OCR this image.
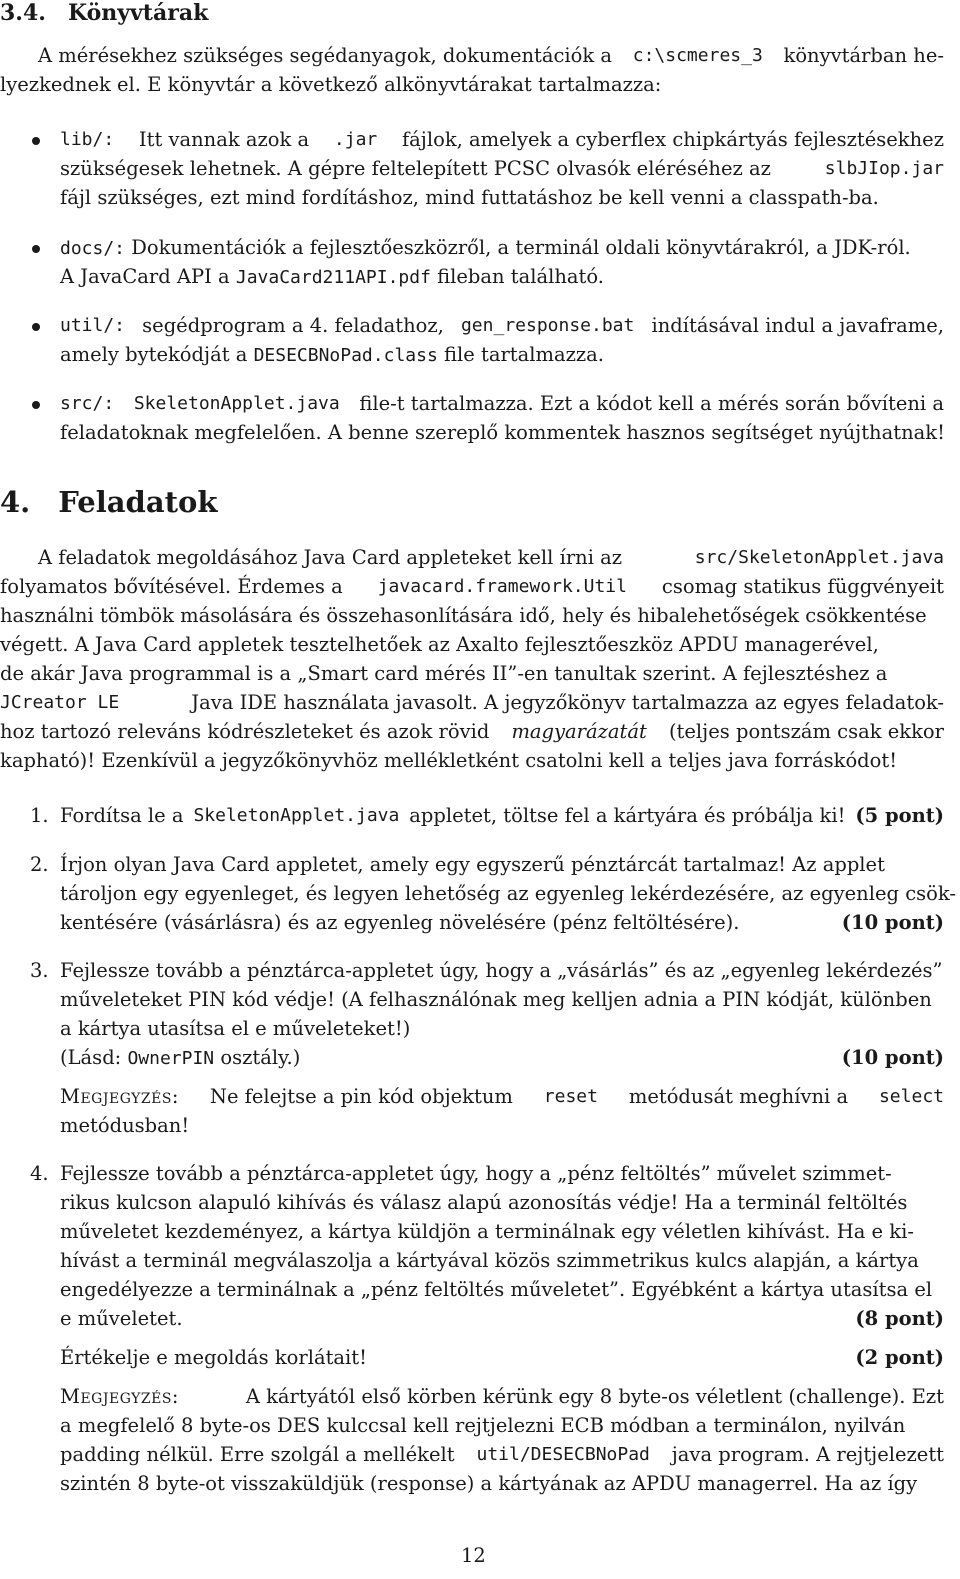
3.4. Könyvtárak
A mérésekhez szükséges segédanyagok, dokumentációk a c:\scmeres_3 könyvtárban he-
lyezkednek el. E könyvtár a következő alkönyvtárakat tartalmazza:
lib/: Itt vannak azok a .jar fájlok, amelyek a cyberflex chipkártyás fejlesztésekhez
szükségesek lehetnek. A gépre feltelepített PCSC olvasók eléréséhez az	slbJIop.jar
fájl szükséges, ezt mind fordításhoz, mind futtatáshoz be kell venni a classpath-ba.
docs/: Dokumentációk a fejlesztőeszközről, a terminál oldali könyvtárakról, a JDK-ról.
A JavaCard API a JavaCard211API.pdf fileban található.
util/: segédprogram a 4. feladathoz, gen_response.bat indításával indul a javaframe,
amely bytekódját a DESECBNoPad.class file tartalmazza.
src/: SkeletonApplet.java file-t tartalmazza. Ezt a kódot kell a mérés során bővíteni a
feladatoknak megfelelően. A benne szereplő kommentek hasznos segítséget nyújthatnak!
4. Feladatok
A feladatok megoldásához Java Card appleteket kell írni az	src/SkeletonApplet.java
folyamatos bővítésével. Érdemes a javacard.framework.Util csomag statikus függvényeit
használni tömbök másolására és összehasonlítására idő, hely és hibalehetőségek csökkentése
végett. A Java Card appletek tesztelhetőek az Axalto fejlesztőeszköz APDU managerével,
de akár Java programmal is a „Smart card mérés II”-en tanultak szerint. A fejlesztéshez a
JCreator LE	Java IDE használata javasolt. A jegyzőkönyv tartalmazza az egyes feladatok-
hoz tartozó releváns kódrészleteket és azok rövid magyarázatát (teljes pontszám csak ekkor
kapható)! Ezenkívül a jegyzőkönyvhöz mellékletként csatolni kell a teljes java forráskódot!
1. Fordítsa le a SkeletonApplet.java appletet, töltse fel a kártyára és próbálja ki! (5 pont)
2. Írjon olyan Java Card appletet, amely egy egyszerű pénztárcát tartalmaz! Az applet
tároljon egy egyenleget, és legyen lehetőség az egyenleg lekérdezésére, az egyenleg csök-
kentésére (vásárlásra) és az egyenleg növelésére (pénz feltöltésére).	(10 pont)
3. Fejlessze tovább a pénztárca-appletet úgy, hogy a „vásárlás” és az „egyenleg lekérdezés”
műveleteket PIN kód védje! (A felhasználónak meg kelljen adnia a PIN kódját, különben
a kártya utasítsa el e műveleteket!)
(Lásd: OwnerPIN osztály.)	(10 pont)
Megjegyzés: Ne felejtse a pin kód objektum reset metódusát meghívni a select
metódusban!
4. Fejlessze tovább a pénztárca-appletet úgy, hogy a „pénz feltöltés” művelet szimmet-
rikus kulcson alapuló kihívás és válasz alapú azonosítás védje! Ha a terminál feltöltés
műveletet kezdeményez, a kártya küldjön a terminálnak egy véletlen kihívást. Ha e ki-
hívást a terminál megválaszolja a kártyával közös szimmetrikus kulcs alapján, a kártya
engedélyezze a terminálnak a „pénz feltöltés műveletet”. Egyébként a kártya utasítsa el
e műveletet.	(8 pont)
Értékelje e megoldás korlátait!	(2 pont)
Megjegyzés:	A kártyától első körben kérünk egy 8 byte-os véletlent (challenge). Ezt
a megfelelő 8 byte-os DES kulccsal kell rejtjelezni ECB módban a terminálon, nyilván
padding nélkül. Erre szolgál a mellékelt util/DESECBNoPad java program. A rejtjelezett
szintén 8 byte-ot visszaküldjük (response) a kártyának az APDU managerrel. Ha az így
12
